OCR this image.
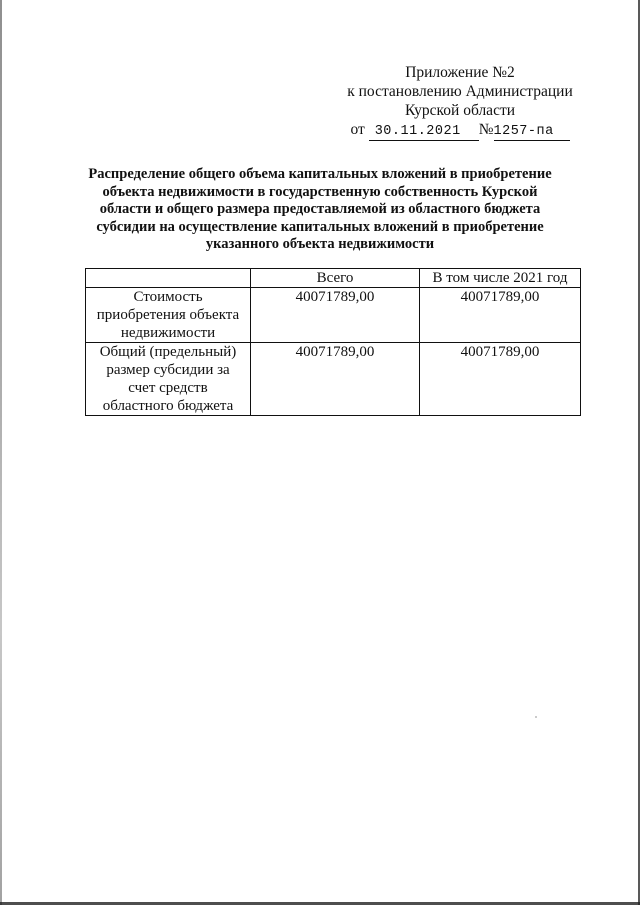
Приложение №2
к постановлению Администрации
Курской области
от 30.11.2021 №1257-па
Распределение общего объема капитальных вложений в приобретение
объекта недвижимости в государственную собственность Курской
области и общего размера предоставляемой из областного бюджета
субсидии на осуществление капитальных вложений в приобретение
указанного объекта недвижимости
	Всего	В том числе 2021 год

Стоимость
приобретения объекта
недвижимости	40071789,00	40071789,00

Общий (предельный)
размер субсидии за
счет средств
областного бюджета	40071789,00	40071789,00
